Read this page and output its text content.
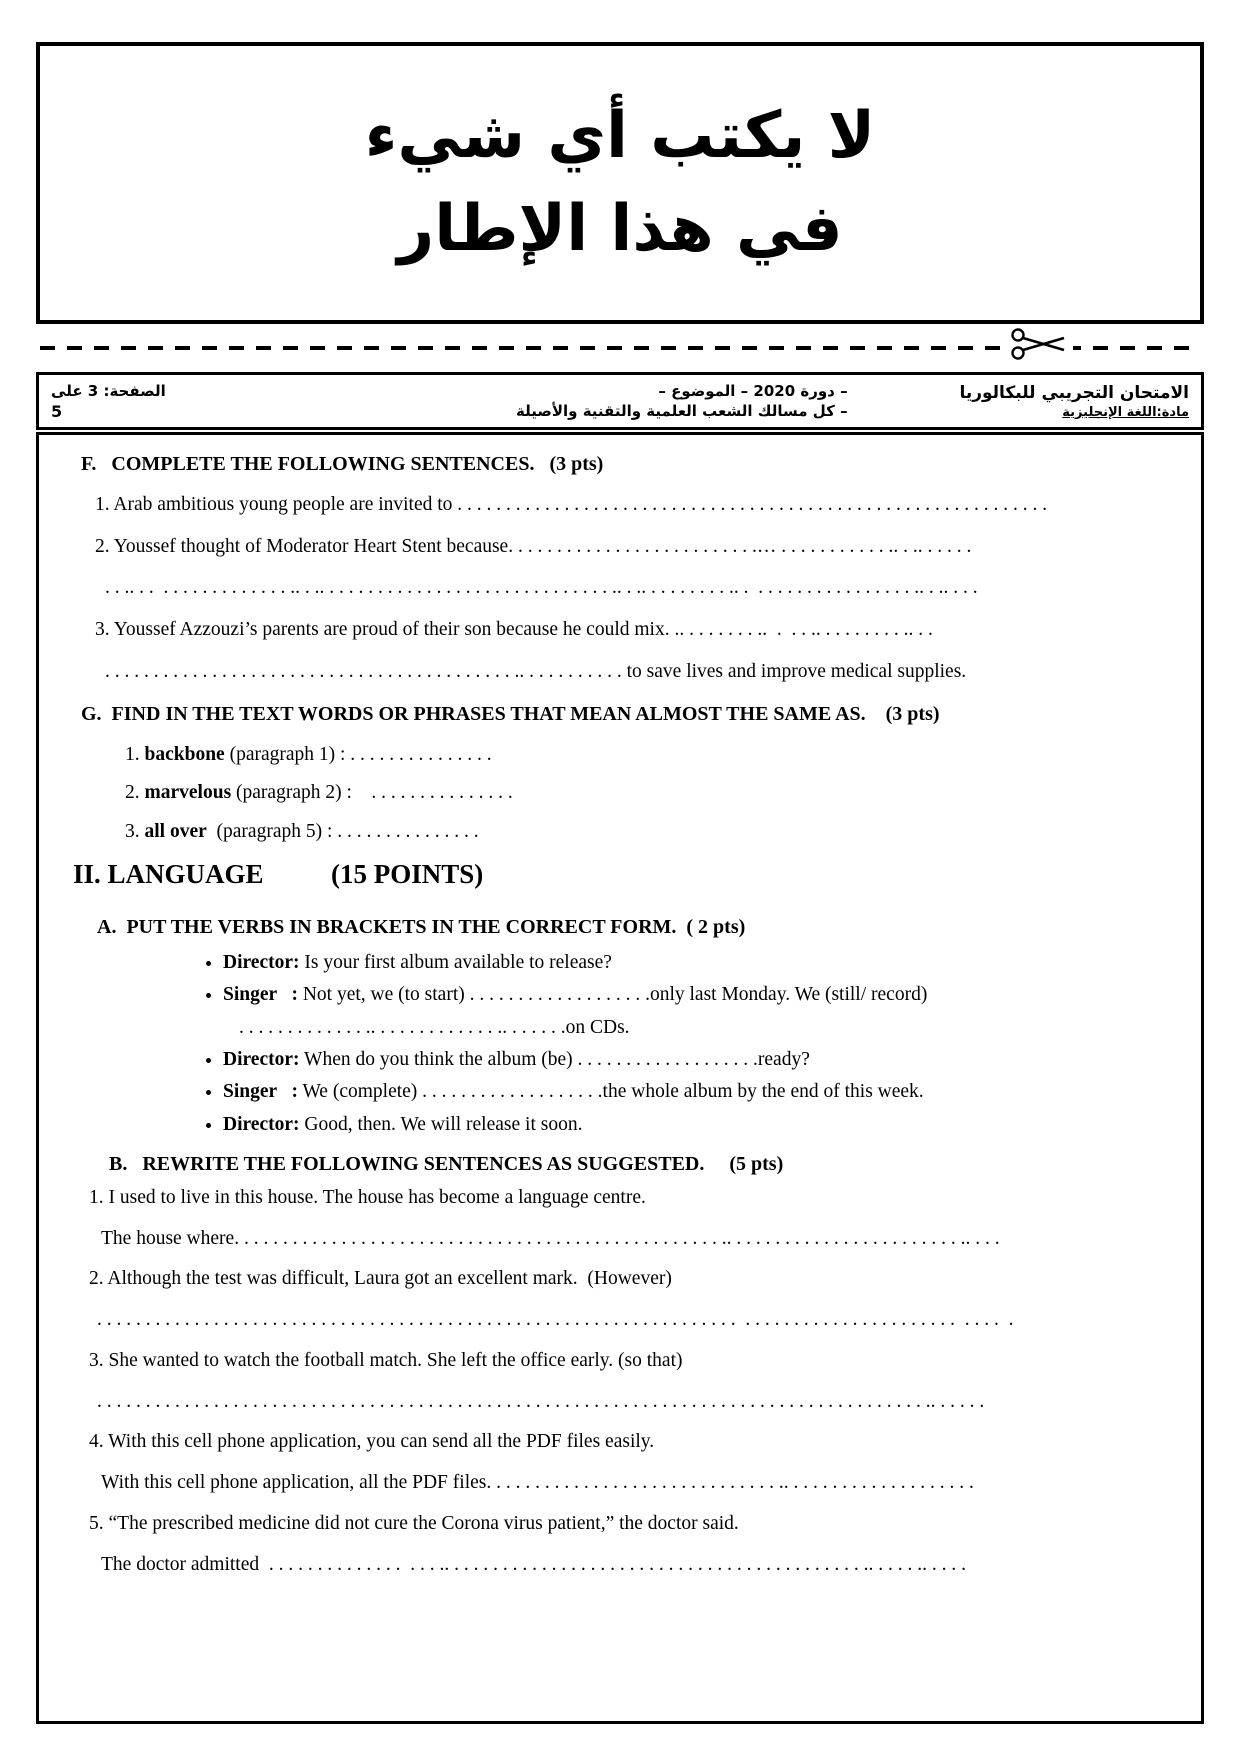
لا يكتب أي شيء
في هذا الإطار
الامتحان التجريبي للبكالوريا
مادة:اللغة الإنجليزية
– دورة 2020 – الموضوع –
– كل مسالك الشعب العلمية والتقنية والأصيلة
الصفحة: 3 على
5

F.   COMPLETE THE FOLLOWING SENTENCES.   (3 pts)

1. Arab ambitious young people are invited to . . . . . . . . . . . . . . . . . . . . . . . . . . . . . . . . . . . . . . . . . . . . . . . . . . . . . . . . . . . . .

2. Youssef thought of Moderator Heart Stent because. . . . . . . . . . . . . . . . . . . . . . . . . .… . . . . . . . . . . . .. . .. . . . . .

. . .. . .  . . . . . . . . . . . . . .. . .. . . . . . . . . . . . . . . . . . . . . . . . . . . . . . .. . .. . . . . . . . . .. .  . . . . . . . . . . . . . . . . .. . .. . . .

3. Youssef Azzouzi’s parents are proud of their son because he could mix. .. . . . . . . . ..  .  . . .. . . . . . . . . .. . .

. . . . . . . . . . . . . . . . . . . . . . . . . . . . . . . . . . . . . . . . . . .. . . . . . . . . . . to save lives and improve medical supplies.

G.  FIND IN THE TEXT WORDS OR PHRASES THAT MEAN ALMOST THE SAME AS.    (3 pts)

1. backbone (paragraph 1) : . . . . . . . . . . . . . . .

2. marvelous (paragraph 2) :    . . . . . . . . . . . . . . .

3. all over  (paragraph 5) : . . . . . . . . . . . . . . .

II. LANGUAGE          (15 POINTS)

A.  PUT THE VERBS IN BRACKETS IN THE CORRECT FORM.  ( 2 pts)

• Director: Is your first album available to release?
• Singer   : Not yet, we (to start) . . . . . . . . . . . . . . . . . . .only last Monday. We (still/ record)
. . . . . . . . . . . . . .. . . . . . . . . . . . . .. . . . . . .on CDs.
• Director: When do you think the album (be) . . . . . . . . . . . . . . . . . . .ready?
• Singer   : We (complete) . . . . . . . . . . . . . . . . . . .the whole album by the end of this week.
• Director: Good, then. We will release it soon.

B.   REWRITE THE FOLLOWING SENTENCES AS SUGGESTED.     (5 pts)

1. I used to live in this house. The house has become a language centre.

The house where. . . . . . . . . . . . . . . . . . . . . . . . . . . . . . . . . . . . . . . . . . . . . . . . . . .. . . . . . . . . . . . . . . . . . . . . . . . .. . . .

2. Although the test was difficult, Laura got an excellent mark.  (However)

. . . . . . . . . . . . . . . . . . . . . . . . . . . . . . . . . . . . . . . . . . . . . . . . . . . . . . . . . . . . . . . . . .  . . . . . . . . . . . . . . . . . . . . . .  . . . .  .

3. She wanted to watch the football match. She left the office early. (so that)

. . . . . . . . . . . . . . . . . . . . . . . . . . . . . . . . . . . . . . . . . . . . . . . . . . . . . . . . . . . . . . . . . . . . . . . . . . . . . . . . . . . . . .. . . . . .

4. With this cell phone application, you can send all the PDF files easily.

With this cell phone application, all the PDF files. . . . . . . . . . . . . . . . . . . . . . . . . . . . . . .. . . . . . . . . . . . . . . . . . . .

5. “The prescribed medicine did not cure the Corona virus patient,” the doctor said.

The doctor admitted  . . . . . . . . . . . . . .  . . . .. . . . . . . . . . . . . . . . . . . . . . . . . . . . . . . . . . . . . . . . . . . .. . . . . .. . . . .
